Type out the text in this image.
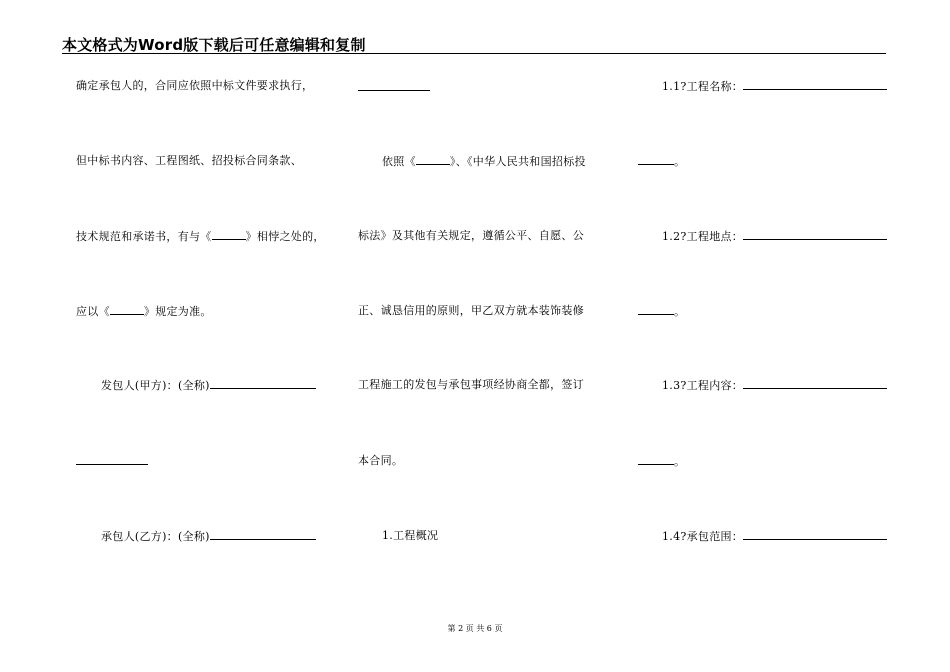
本文格式为Word版下载后可任意编辑和复制
确定承包人的，合同应依照中标文件要求执行，
但中标书内容、工程图纸、招投标合同条款、
技术规范和承诺书，有与《	》相悖之处的，
应以《	》规定为准。
发包人(甲方)：(全称)
承包人(乙方)：(全称)
依照《	》、《中华人民共和国招标投
标法》及其他有关规定，遵循公平、自愿、公
正、诚恳信用的原则，甲乙双方就本装饰装修
工程施工的发包与承包事项经协商全都，签订
本合同。
1.工程概况
1.1?工程名称：
。
1.2?工程地点：
。
1.3?工程内容：
。
1.4?承包范围：
第 2 页 共 6 页
